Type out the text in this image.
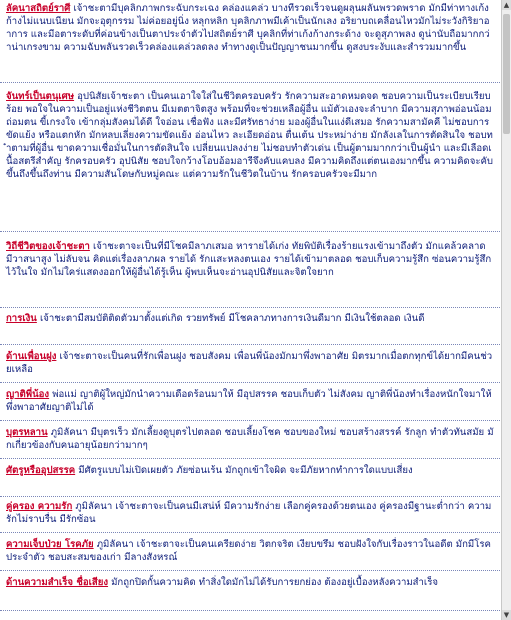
ลัคนาสถิตย์ราศี เจ้าชะตามีบุคลิกภาพกระฉับกระเฉง คล่องแคล่ว บางทีรวดเร็วจนดูผลุนผลันพรวดพราด มักมีท่าทางเก้งก้างไม่แนบเนียน มักจะอุตุกรรม ไม่ค่อยอยู่นิ่ง หลุกหลิก บุคลิกภาพมีเค้าเป็นนักเลง อริยาบถเคลื่อนไหวมักไม่ระวังกิริยาอาการ และมีอตาระดับที่ค่อนข้างเป็นตาประจำตัวไปสถิตย์ราศี บุคลิกที่ท่าเก้งก้างกระด้าง จะดูสุภาพลง ดูน่านับถือมากกว่าน่าเกรงขาม ความฉับพลันรวดเร็วคล่องแคล่วลดลง ทำทางดูเป็นปัญญาชนมากขึ้น ดูสงบระงับและสำรวมมากขึ้น

จันทร์เป็นตนุเศษ อุปนิสัยเจ้าชะตา เป็นคนเอาใจใส่ในชีวิตครอบครัว รักความสะอาดหมดจด ชอบความเป็นระเบียบเรียบร้อย พอใจในความเป็นอยู่แห่งชีวิตตน มีเมตตาจิตสูง พร้อมที่จะช่วยเหลือผู้อื่น แม้ตัวเองจะลำบาก มีความสุภาพอ่อนน้อมถ่อมตน ขี้เกรงใจ เข้ากลุ่มสังคมได้ดี ใจอ่อน เชื่อฟัง และมีศรัทธาง่าย มองผู้อื่นในแง่ดีเสมอ รักความสามัคคี ไม่ชอบการขัดแย้ง หรือแตกหัก มักหลบเลี่ยงความขัดแย้ง อ่อนไหว ละเอียดอ่อน ตื่นเต้น ประหม่าง่าย มักลังเลในการตัดสินใจ ชอบทำตามที่ผู้อื่น ขาดความเชื่อมั่นในการตัดสินใจ เปลี่ยนแปลงง่าย ไม่ชอบทำตัวเด่น เป็นผู้ตามมากกว่าเป็นผู้นำ และมีเลือดเนื้อสตรีสำคัญ รักครอบครัว อุปนิสัย ชอบใจกว้างโอบอ้อมอารีจึงคับแคบลง มีความคิดถึงแต่ตนเองมากขึ้น ความคิดจะคับขึ้นถึงขึ้นถึงท่าน มีความสันโดษกับหมู่คณะ แต่ความรักในชีวิตในบ้าน รักครอบครัวจะมีมาก

วิถีชีวิตของเจ้าชะตา เจ้าชะตาจะเป็นที่มีโชคมีลาภเสมอ หารายได้เก่ง ทัยพิบัติเรื่องร้ายแรงเข้ามาถึงตัว มักแคล้วคลาด มีวาสนาสูง ไม่ลับจน คิดแต่เรื่องลาภผล รายได้ รักแสะหลงตนเอง รายได้เข้ามาตลอด ชอบเก็บความรู้สึก ซ่อนความรู้สึกไว้ในใจ มักไม่ใคร่แสดงออกให้ผู้อื่นได้รู้เห็น ผู้พบเห็นจะอ่านอุปนิสัยและจิตใจยาก

การเงิน เจ้าชะตามีสมบัติติดตัวมาตั้งแต่เกิด รวยทรัพย์ มีโชคลาภทางการเงินดีมาก มีเงินใช้ตลอด เงินดี

ด้านเพื่อนฝูง เจ้าชะตาจะเป็นคนที่รักเพื่อนฝูง ชอบสังคม เพื่อนพี่น้องมักมาพึ่งพาอาศัย มิตรมากเมื่อตกทุกข์ได้ยากมีคนช่วยเหลือ

ญาติพี่น้อง พ่อแม่ ญาติผู้ใหญ่มักนำความเดือดร้อนมาให้ มีอุปสรรค ชอบเก็บตัว ไม่สังคม ญาติพี่น้องทำเรื่องหนักใจมาให้ พึ่งพาอาศัยญาติไม่ได้

บุตรหลาน ภูมิลัคนา มีบุตรเร็ว มักเลี้ยงดูบุตรไปตลอด ชอบเลี้ยงโชค ชอบของใหม่ ชอบสร้างสรรค์ รักลูก ทำตัวทันสมัย มักเกี่ยวข้องกับคนอายุน้อยกว่ามากๆ

ศัตรูหรืออุปสรรค มีศัตรูแบบไม่เปิดเผยตัว ภัยซ่อนเร้น มักถูกเข้าใจผิด จะมีภัยหากทำการใดแบบเสี่ยง

คู่ครอง ความรัก ภูมิลัคนา เจ้าชะตาจะเป็นคนมีเสน่ห์ มีความรักง่าย เลือกคู่ครองด้วยตนเอง คู่ครองมีฐานะต่ำกว่า ความรักไม่ราบรื่น มีรักซ้อน

ความเจ็บป่วย โรคภัย ภูมิลัคนา เจ้าชะตาจะเป็นคนเครียดง่าย วิตกจริต เงียบขรึม ชอบฝังใจกับเรื่องราวในอดีต มักมีโรคประจำตัว ชอบสะสมของเก่า มีลางสังหรณ์

ด้านความสำเร็จ ชื่อเสียง มักถูกปิดกั้นความคิด ทำสิ่งใดมักไม่ได้รับการยกย่อง ต้องอยู่เบื้องหลังความสำเร็จ

▲
▼
